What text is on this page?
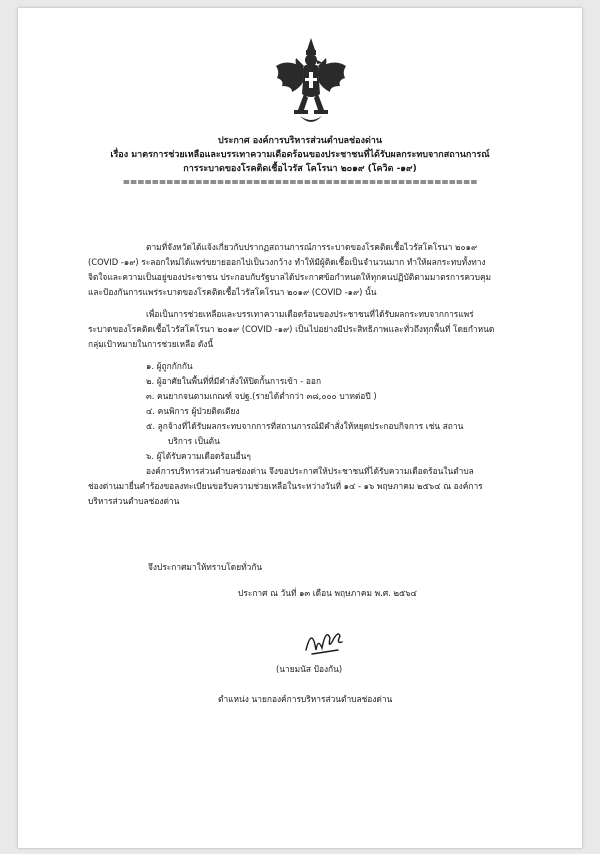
ประกาศ องค์การบริหารส่วนตำบลช่องด่าน
เรื่อง มาตรการช่วยเหลือและบรรเทาความเดือดร้อนของประชาชนที่ได้รับผลกระทบจากสถานการณ์
การระบาดของโรคติดเชื้อไวรัส โคโรนา ๒๐๑๙ (โควิด -๑๙)
=================================================

ตามที่จังหวัดได้แจ้งเกี่ยวกับปรากฏสถานการณ์การระบาดของโรคติดเชื้อไวรัสโคโรนา ๒๐๑๙

(COVID -๑๙) ระลอกใหม่ได้แพร่ขยายออกไปเป็นวงกว้าง ทำให้มีผู้ติดเชื้อเป็นจำนวนมาก ทำให้ผลกระทบทั้งทาง

จิตใจและความเป็นอยู่ของประชาชน ประกอบกับรัฐบาลได้ประกาศข้อกำหนดให้ทุกคนปฏิบัติตามมาตรการควบคุม

และป้องกันการแพร่ระบาดของโรคติดเชื้อไวรัสโคโรนา ๒๐๑๙ (COVID -๑๙) นั้น

เพื่อเป็นการช่วยเหลือและบรรเทาความเดือดร้อนของประชาชนที่ได้รับผลกระทบจากการแพร่

ระบาดของโรคติดเชื้อไวรัสโคโรนา ๒๐๑๙ (COVID -๑๙) เป็นไปอย่างมีประสิทธิภาพและทั่วถึงทุกพื้นที่ โดยกำหนด

กลุ่มเป้าหมายในการช่วยเหลือ ดังนี้

๑. ผู้ถูกกักกัน

๒. ผู้อาศัยในพื้นที่ที่มีคำสั่งให้ปิดกั้นการเข้า - ออก

๓. คนยากจนตามเกณฑ์ จปฐ.(รายได้ต่ำกว่า ๓๘,๐๐๐ บาทต่อปี )

๔. คนพิการ ผู้ป่วยติดเตียง

๕. ลูกจ้างที่ได้รับผลกระทบจากการที่สถานการณ์มีคำสั่งให้หยุดประกอบกิจการ เช่น สถาน

บริการ เป็นต้น

๖. ผู้ได้รับความเดือดร้อนอื่นๆ

องค์การบริหารส่วนตำบลช่องด่าน จึงขอประกาศให้ประชาชนที่ได้รับความเดือดร้อนในตำบล

ช่องด่านมายื่นคำร้องขอลงทะเบียนขอรับความช่วยเหลือในระหว่างวันที่ ๑๔ - ๑๖ พฤษภาคม ๒๕๖๔ ณ องค์การ

บริหารส่วนตำบลช่องด่าน

จึงประกาศมาให้ทราบโดยทั่วกัน
ประกาศ ณ วันที่ ๑๓ เดือน พฤษภาคม พ.ศ. ๒๕๖๔
(นายมนัส ป้องกัน)
ตำแหน่ง นายกองค์การบริหารส่วนตำบลช่องด่าน
